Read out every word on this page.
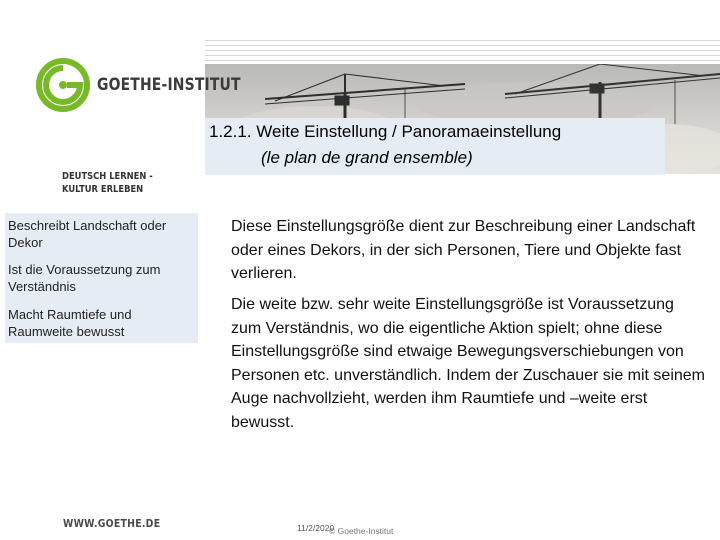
GOETHE-INSTITUT
DEUTSCH LERNEN -
KULTUR ERLEBEN
1.2.1. Weite Einstellung / Panoramaeinstellung
(le plan de grand ensemble)
Beschreibt Landschaft oder Dekor
Ist die Voraussetzung zum Verständnis
Macht Raumtiefe und Raumweite bewusst
Diese Einstellungsgröße dient zur Beschreibung einer Landschaft oder eines Dekors, in der sich Personen, Tiere und Objekte fast verlieren.
Die weite bzw. sehr weite Einstellungsgröße ist Voraussetzung zum Verständnis, wo die eigentliche Aktion spielt; ohne diese Einstellungsgröße sind etwaige Bewegungsverschiebungen von Personen etc. unverständlich. Indem der Zuschauer sie mit seinem Auge nachvollzieht, werden ihm Raumtiefe und –weite erst bewusst.
WWW.GOETHE.DE	11/2/2020
© Goethe-Institut
